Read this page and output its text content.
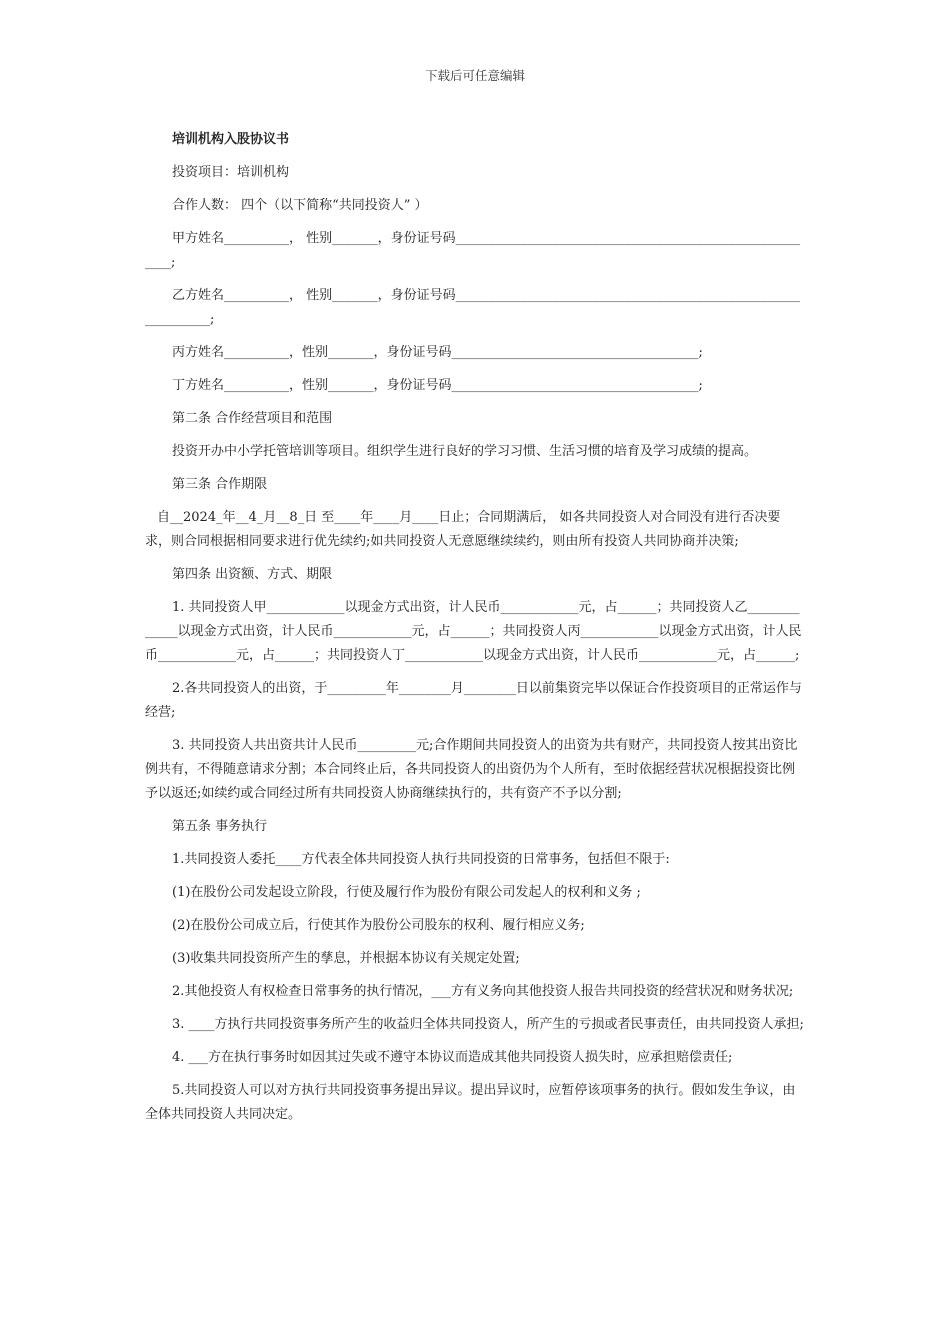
下载后可任意编辑

培训机构入股协议书

投资项目：培训机构

合作人数： 四个（以下简称“共同投资人” ）

甲方姓名__________， 性别_______，身份证号码_________________________________________________________;

乙方姓名__________， 性别_______，身份证号码_______________________________________________________________;

丙方姓名__________，性别_______，身份证号码______________________________________;

丁方姓名__________，性别_______，身份证号码______________________________________;

第二条 合作经营项目和范围

投资开办中小学托管培训等项目。组织学生进行良好的学习习惯、生活习惯的培育及学习成绩的提高。

第三条 合作期限

自__2024_年__4_月__8_日 至____年____月____日止；合同期满后， 如各共同投资人对合同没有进行否决要求，则合同根据相同要求进行优先续约;如共同投资人无意愿继续续约，则由所有投资人共同协商并决策;

第四条 出资额、方式、期限

1. 共同投资人甲____________以现金方式出资，计人民币____________元，占______；共同投资人乙_____________以现金方式出资，计人民币____________元，占______；共同投资人丙____________以现金方式出资，计人民币____________元，占______；共同投资人丁____________以现金方式出资，计人民币____________元，占______;

2.各共同投资人的出资，于_________年________月________日以前集资完毕以保证合作投资项目的正常运作与经营;

3. 共同投资人共出资共计人民币_________元;合作期间共同投资人的出资为共有财产，共同投资人按其出资比例共有，不得随意请求分割；本合同终止后，各共同投资人的出资仍为个人所有，至时依据经营状况根据投资比例予以返还;如续约或合同经过所有共同投资人协商继续执行的，共有资产不予以分割;

第五条 事务执行

1.共同投资人委托____方代表全体共同投资人执行共同投资的日常事务，包括但不限于:

(1)在股份公司发起设立阶段，行使及履行作为股份有限公司发起人的权利和义务 ;

(2)在股份公司成立后，行使其作为股份公司股东的权利、履行相应义务;

(3)收集共同投资所产生的孳息，并根据本协议有关规定处置;

2.其他投资人有权检查日常事务的执行情况，___方有义务向其他投资人报告共同投资的经营状况和财务状况;

3. ____方执行共同投资事务所产生的收益归全体共同投资人，所产生的亏损或者民事责任，由共同投资人承担;

4. ___方在执行事务时如因其过失或不遵守本协议而造成其他共同投资人损失时，应承担赔偿责任;

5.共同投资人可以对方执行共同投资事务提出异议。提出异议时，应暂停该项事务的执行。假如发生争议，由全体共同投资人共同决定。
